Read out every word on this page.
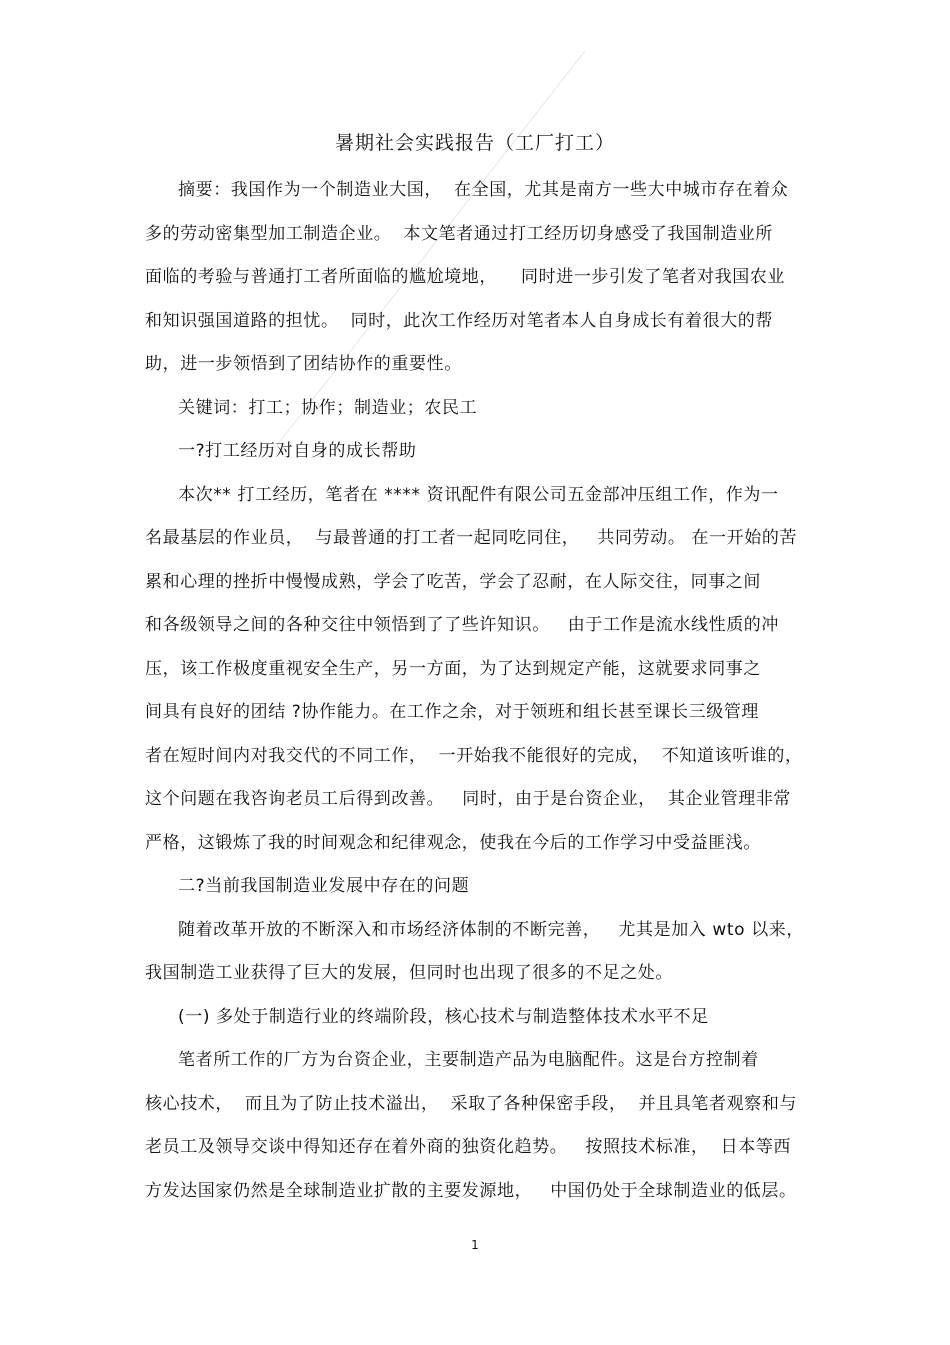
暑期社会实践报告（工厂打工）
摘要：我国作为一个制造业大国，  在全国，尤其是南方一些大中城市存在着众
多的劳动密集型加工制造企业。  本文笔者通过打工经历切身感受了我国制造业所
面临的考验与普通打工者所面临的尴尬境地，    同时进一步引发了笔者对我国农业
和知识强国道路的担忧。  同时，此次工作经历对笔者本人自身成长有着很大的帮
助，进一步领悟到了团结协作的重要性。
关键词：打工；协作；制造业；农民工
一?打工经历对自身的成长帮助
本次** 打工经历，笔者在 **** 资讯配件有限公司五金部冲压组工作，作为一
名最基层的作业员，  与最普通的打工者一起同吃同住，   共同劳动。 在一开始的苦
累和心理的挫折中慢慢成熟，学会了吃苦，学会了忍耐，在人际交往，同事之间
和各级领导之间的各种交往中领悟到了了些许知识。   由于工作是流水线性质的冲
压，该工作极度重视安全生产，另一方面，为了达到规定产能，这就要求同事之
间具有良好的团结 ?协作能力。在工作之余，对于领班和组长甚至课长三级管理
者在短时间内对我交代的不同工作，  一开始我不能很好的完成，  不知道该听谁的，
这个问题在我咨询老员工后得到改善。   同时，由于是台资企业，  其企业管理非常
严格，这锻炼了我的时间观念和纪律观念，使我在今后的工作学习中受益匪浅。
二?当前我国制造业发展中存在的问题
随着改革开放的不断深入和市场经济体制的不断完善，   尤其是加入 wto 以来，
我国制造工业获得了巨大的发展，但同时也出现了很多的不足之处。
(一) 多处于制造行业的终端阶段，核心技术与制造整体技术水平不足
笔者所工作的厂方为台资企业，主要制造产品为电脑配件。这是台方控制着
核心技术，  而且为了防止技术溢出，  采取了各种保密手段，  并且具笔者观察和与
老员工及领导交谈中得知还存在着外商的独资化趋势。   按照技术标准，  日本等西
方发达国家仍然是全球制造业扩散的主要发源地，   中国仍处于全球制造业的低层。
1
